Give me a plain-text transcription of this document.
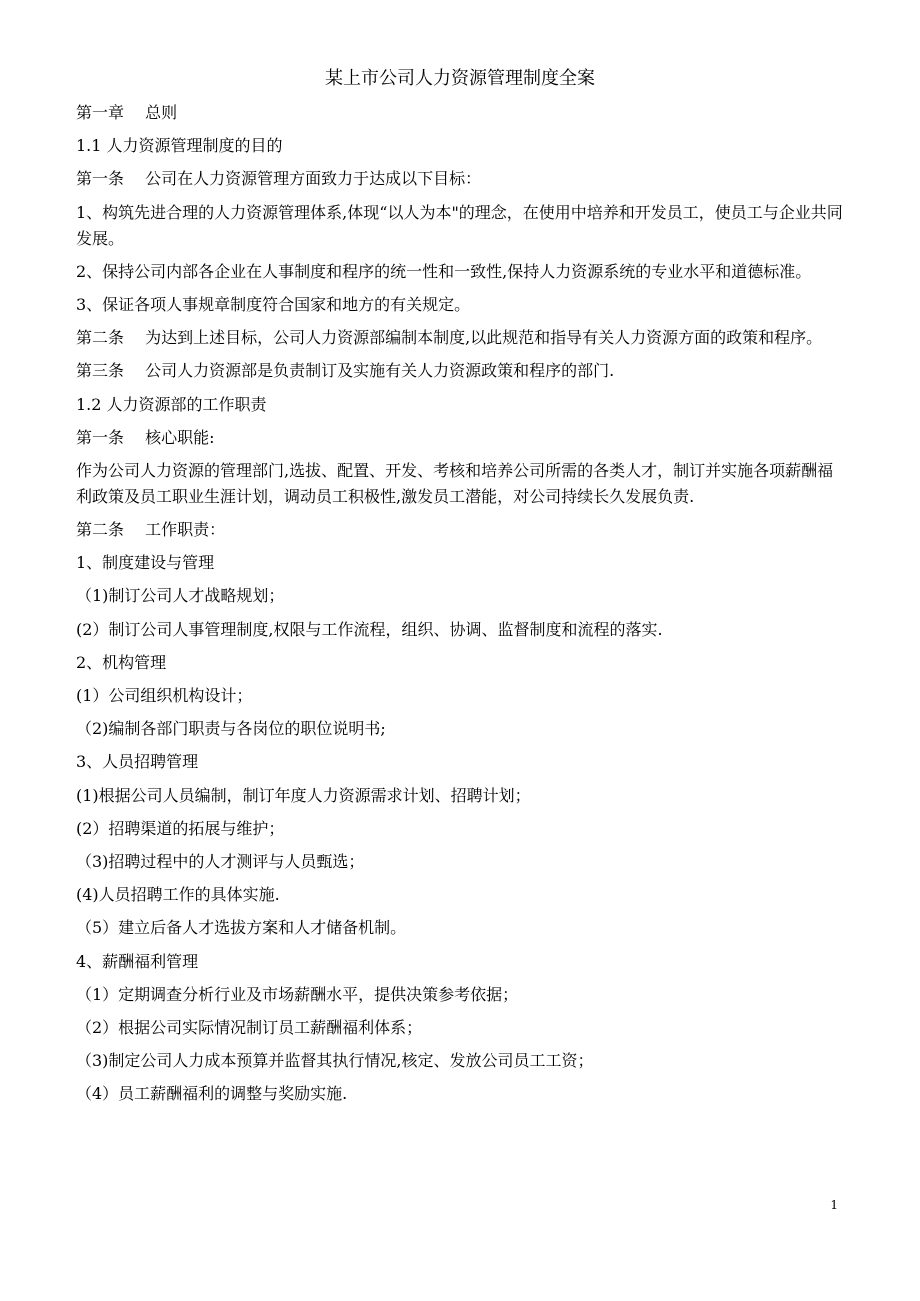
某上市公司人力资源管理制度全案

第一章　 总则

1.1 人力资源管理制度的目的

第一条　 公司在人力资源管理方面致力于达成以下目标：

1、构筑先进合理的人力资源管理体系,体现“以人为本"的理念，在使用中培养和开发员工，使员工与企业共同发展。

2、保持公司内部各企业在人事制度和程序的统一性和一致性,保持人力资源系统的专业水平和道德标准。

3、保证各项人事规章制度符合国家和地方的有关规定。

第二条　 为达到上述目标，公司人力资源部编制本制度,以此规范和指导有关人力资源方面的政策和程序。

第三条　 公司人力资源部是负责制订及实施有关人力资源政策和程序的部门.

1.2 人力资源部的工作职责

第一条　 核心职能:

作为公司人力资源的管理部门,选拔、配置、开发、考核和培养公司所需的各类人才，制订并实施各项薪酬福利政策及员工职业生涯计划，调动员工积极性,激发员工潜能，对公司持续长久发展负责.

第二条　 工作职责：

1、制度建设与管理

（1)制订公司人才战略规划；

(2）制订公司人事管理制度,权限与工作流程，组织、协调、监督制度和流程的落实.

2、机构管理

(1）公司组织机构设计；

（2)编制各部门职责与各岗位的职位说明书;

3、人员招聘管理

(1)根据公司人员编制，制订年度人力资源需求计划、招聘计划；

(2）招聘渠道的拓展与维护；

（3)招聘过程中的人才测评与人员甄选；

(4)人员招聘工作的具体实施.

（5）建立后备人才选拔方案和人才储备机制。

4、薪酬福利管理

（1）定期调查分析行业及市场薪酬水平，提供决策参考依据；

（2）根据公司实际情况制订员工薪酬福利体系；

（3)制定公司人力成本预算并监督其执行情况,核定、发放公司员工工资；

（4）员工薪酬福利的调整与奖励实施.

1
